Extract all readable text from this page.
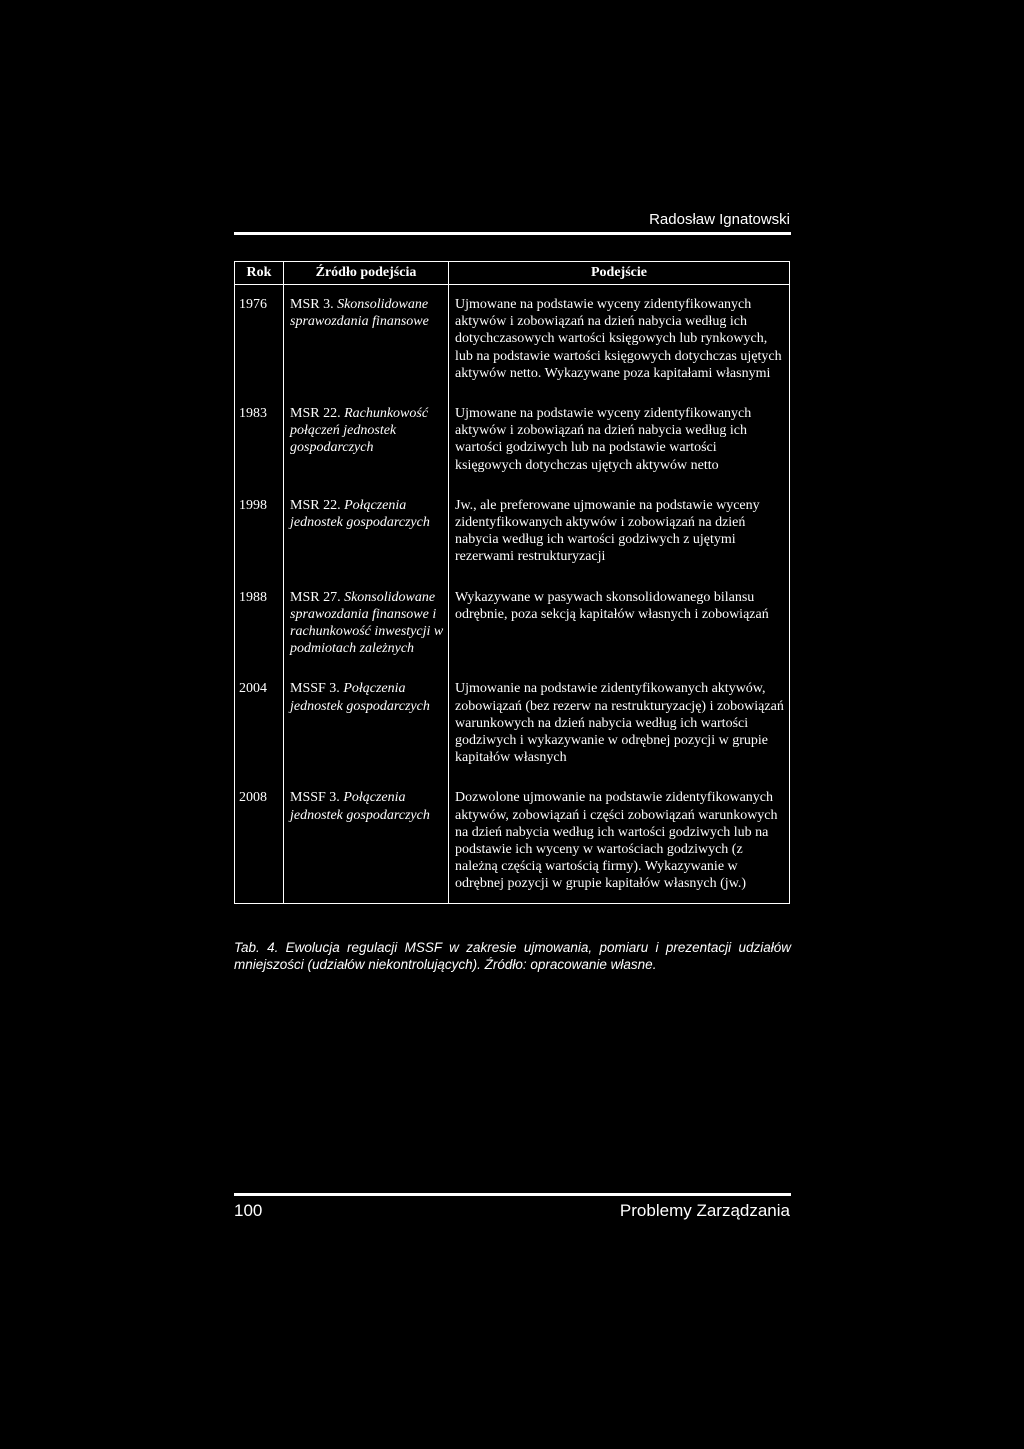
Radosław Ignatowski
Rok	Źródło podejścia	Podejście
1976	MSR 3. Skonsolidowane sprawozdania finansowe	Ujmowane na podstawie wyceny zidentyfikowanych aktywów i zobowiązań na dzień nabycia według ich dotychczasowych wartości księgowych lub rynkowych, lub na podstawie wartości księgowych dotychczas ujętych aktywów netto. Wykazywane poza kapitałami własnymi
1983	MSR 22. Rachunkowość połączeń jednostek gospodarczych	Ujmowane na podstawie wyceny zidentyfikowanych aktywów i zobowiązań na dzień nabycia według ich wartości godziwych lub na podstawie wartości księgowych dotychczas ujętych aktywów netto
1998	MSR 22. Połączenia jednostek gospodarczych	Jw., ale preferowane ujmowanie na podstawie wyceny zidentyfikowanych aktywów i zobowiązań na dzień nabycia według ich wartości godziwych z ujętymi rezerwami restrukturyzacji
1988	MSR 27. Skonsolidowane sprawozdania finansowe i rachunkowość inwestycji w podmiotach zależnych	Wykazywane w pasywach skonsolidowanego bilansu odrębnie, poza sekcją kapitałów własnych i zobowiązań
2004	MSSF 3. Połączenia jednostek gospodarczych	Ujmowanie na podstawie zidentyfikowanych aktywów, zobowiązań (bez rezerw na restrukturyzację) i zobowiązań warunkowych na dzień nabycia według ich wartości godziwych i wykazywanie w odrębnej pozycji w grupie kapitałów własnych
2008	MSSF 3. Połączenia jednostek gospodarczych	Dozwolone ujmowanie na podstawie zidentyfikowanych aktywów, zobowiązań i części zobowiązań warunkowych na dzień nabycia według ich wartości godziwych lub na podstawie ich wyceny w wartościach godziwych (z należną częścią wartością firmy). Wykazywanie w odrębnej pozycji w grupie kapitałów własnych (jw.)
Tab. 4. Ewolucja regulacji MSSF w zakresie ujmowania, pomiaru i prezentacji udziałów mniejszości (udziałów niekontrolujących). Źródło: opracowanie własne.
100	Problemy Zarządzania
